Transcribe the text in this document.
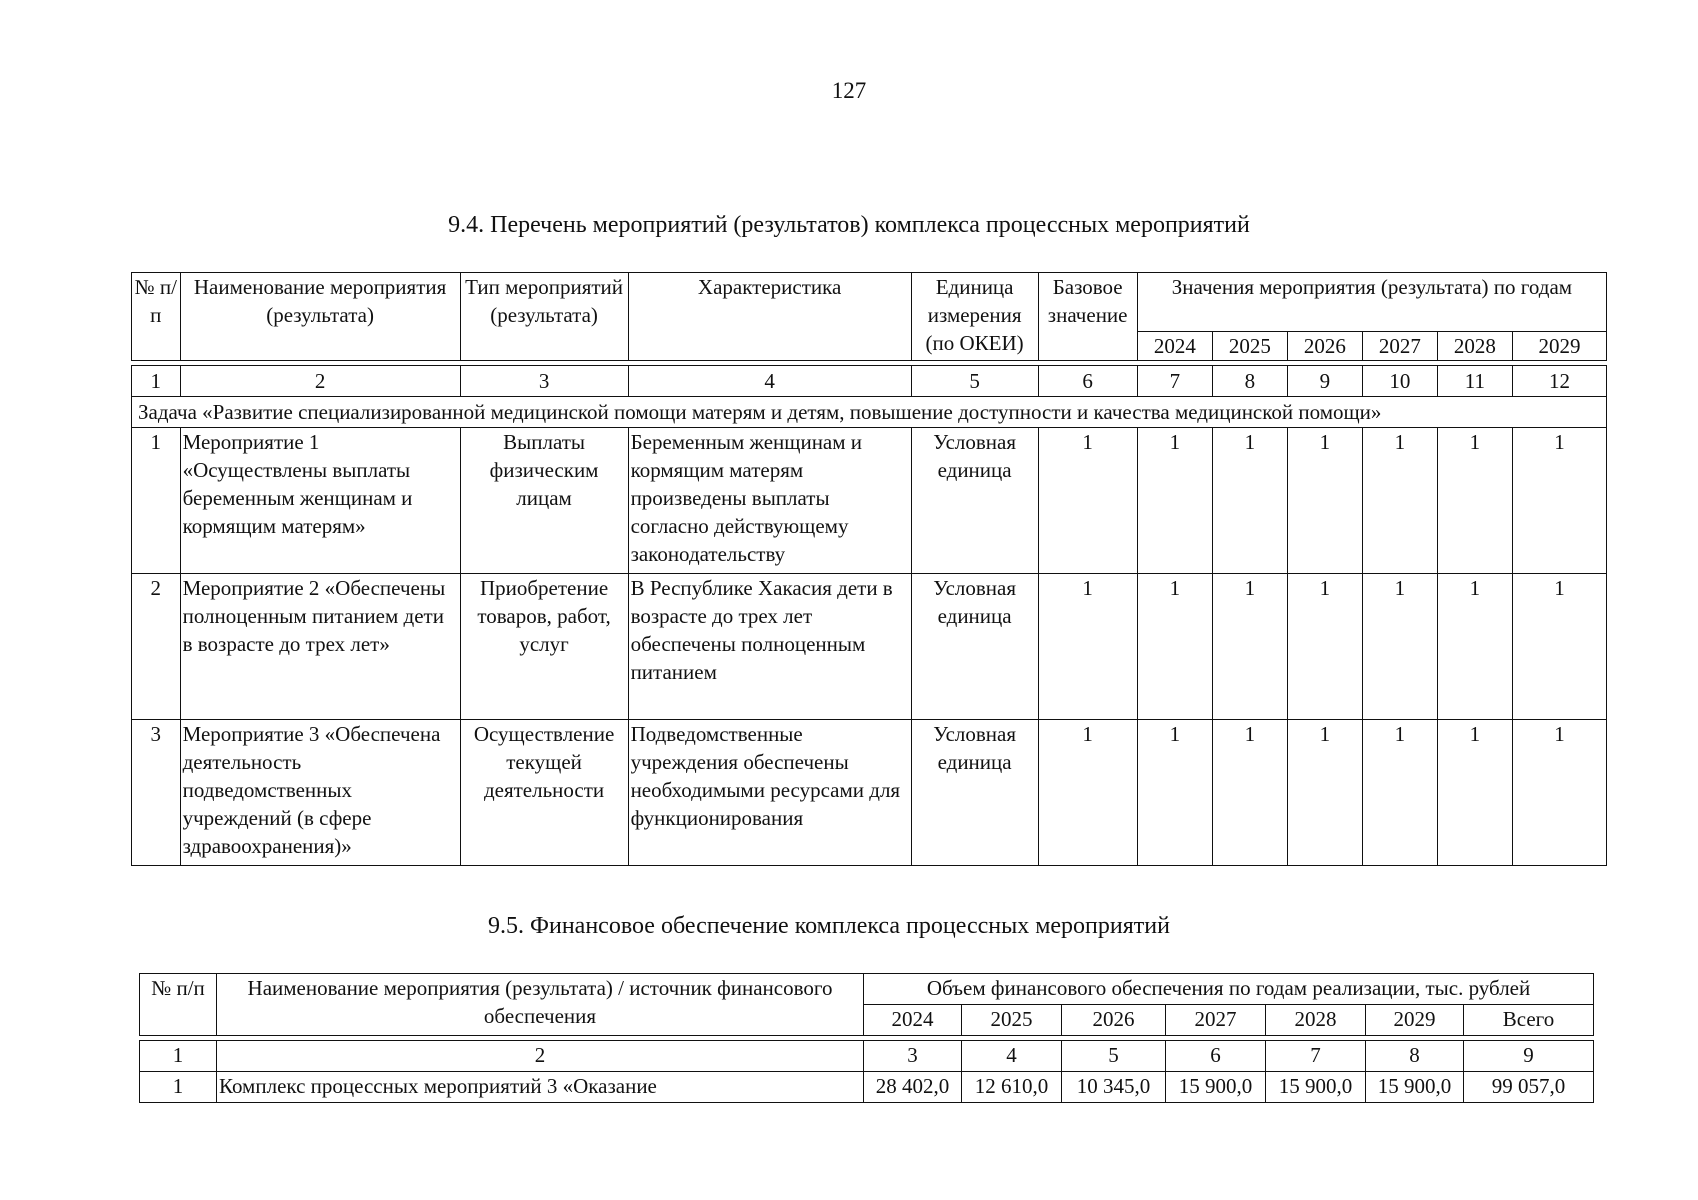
127
9.4. Перечень мероприятий (результатов) комплекса процессных мероприятий
№ п/п	Наименование мероприятия (результата)	Тип мероприятий (результата)	Характеристика	Единица измерения (по ОКЕИ)	Базовое значение	Значения мероприятия (результата) по годам					
						2024	2025	2026	2027	2028	2029

1	2	3	4	5	6	7	8	9	10	11	12
Задача «Развитие специализированной медицинской помощи матерям и детям, повышение доступности и качества медицинской помощи»											
1	Мероприятие 1 «Осуществлены выплаты беременным женщинам и кормящим матерям»	Выплаты физическим лицам	Беременным женщинам и кормящим матерям произведены выплаты согласно действующему законодательству	Условная единица	1	1	1	1	1	1	1
2	Мероприятие 2 «Обеспечены полноценным питанием дети в возрасте до трех лет»	Приобретение товаров, работ, услуг	В Республике Хакасия дети в возрасте до трех лет обеспечены полноценным питанием	Условная единица	1	1	1	1	1	1	1
3	Мероприятие 3 «Обеспечена деятельность подведомственных учреждений (в сфере здравоохранения)»	Осуществление текущей деятельности	Подведомственные учреждения обеспечены необходимыми ресурсами для функционирования	Условная единица	1	1	1	1	1	1	1
9.5. Финансовое обеспечение комплекса процессных мероприятий
№ п/п	Наименование мероприятия (результата) / источник финансового обеспечения	Объем финансового обеспечения по годам реализации, тыс. рублей						
		2024	2025	2026	2027	2028	2029	Всего

1	2	3	4	5	6	7	8	9
1	Комплекс процессных мероприятий 3 «Оказание	28 402,0	12 610,0	10 345,0	15 900,0	15 900,0	15 900,0	99 057,0
